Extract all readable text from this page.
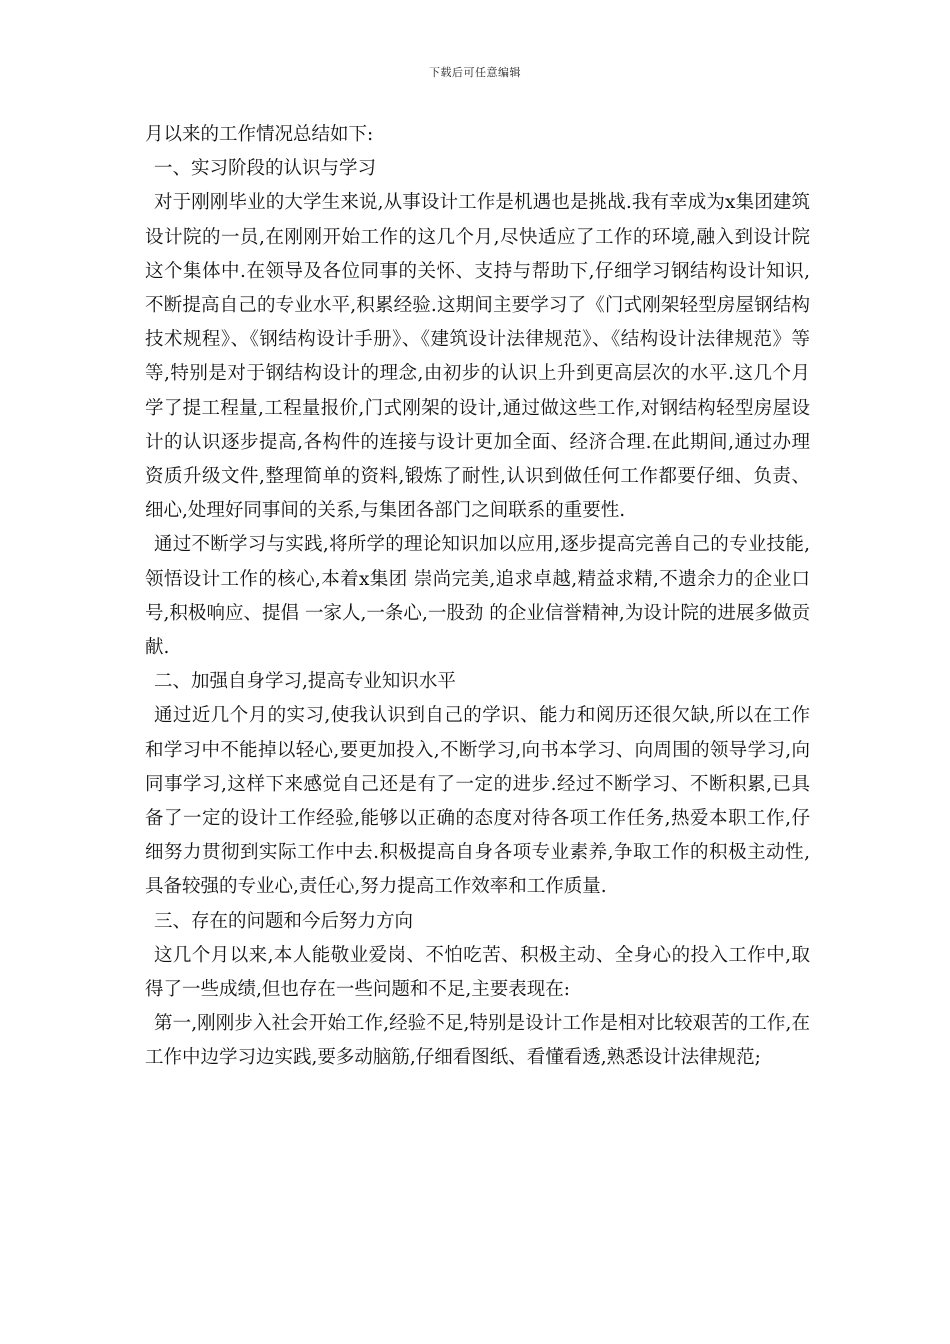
下载后可任意编辑

月以来的工作情况总结如下:

一、实习阶段的认识与学习

对于刚刚毕业的大学生来说,从事设计工作是机遇也是挑战.我有幸成为x集团建筑设计院的一员,在刚刚开始工作的这几个月,尽快适应了工作的环境,融入到设计院这个集体中.在领导及各位同事的关怀、支持与帮助下,仔细学习钢结构设计知识,不断提高自己的专业水平,积累经验.这期间主要学习了《门式刚架轻型房屋钢结构技术规程》、《钢结构设计手册》、《建筑设计法律规范》、《结构设计法律规范》等等,特别是对于钢结构设计的理念,由初步的认识上升到更高层次的水平.这几个月学了提工程量,工程量报价,门式刚架的设计,通过做这些工作,对钢结构轻型房屋设计的认识逐步提高,各构件的连接与设计更加全面、经济合理.在此期间,通过办理资质升级文件,整理简单的资料,锻炼了耐性,认识到做任何工作都要仔细、负责、细心,处理好同事间的关系,与集团各部门之间联系的重要性.

通过不断学习与实践,将所学的理论知识加以应用,逐步提高完善自己的专业技能,领悟设计工作的核心,本着x集团 崇尚完美,追求卓越,精益求精,不遗余力的企业口号,积极响应、提倡 一家人,一条心,一股劲 的企业信誉精神,为设计院的进展多做贡献.

二、加强自身学习,提高专业知识水平

通过近几个月的实习,使我认识到自己的学识、能力和阅历还很欠缺,所以在工作和学习中不能掉以轻心,要更加投入,不断学习,向书本学习、向周围的领导学习,向同事学习,这样下来感觉自己还是有了一定的进步.经过不断学习、不断积累,已具备了一定的设计工作经验,能够以正确的态度对待各项工作任务,热爱本职工作,仔细努力贯彻到实际工作中去.积极提高自身各项专业素养,争取工作的积极主动性,具备较强的专业心,责任心,努力提高工作效率和工作质量.

三、存在的问题和今后努力方向

这几个月以来,本人能敬业爱岗、不怕吃苦、积极主动、全身心的投入工作中,取得了一些成绩,但也存在一些问题和不足,主要表现在:

第一,刚刚步入社会开始工作,经验不足,特别是设计工作是相对比较艰苦的工作,在工作中边学习边实践,要多动脑筋,仔细看图纸、看懂看透,熟悉设计法律规范;
